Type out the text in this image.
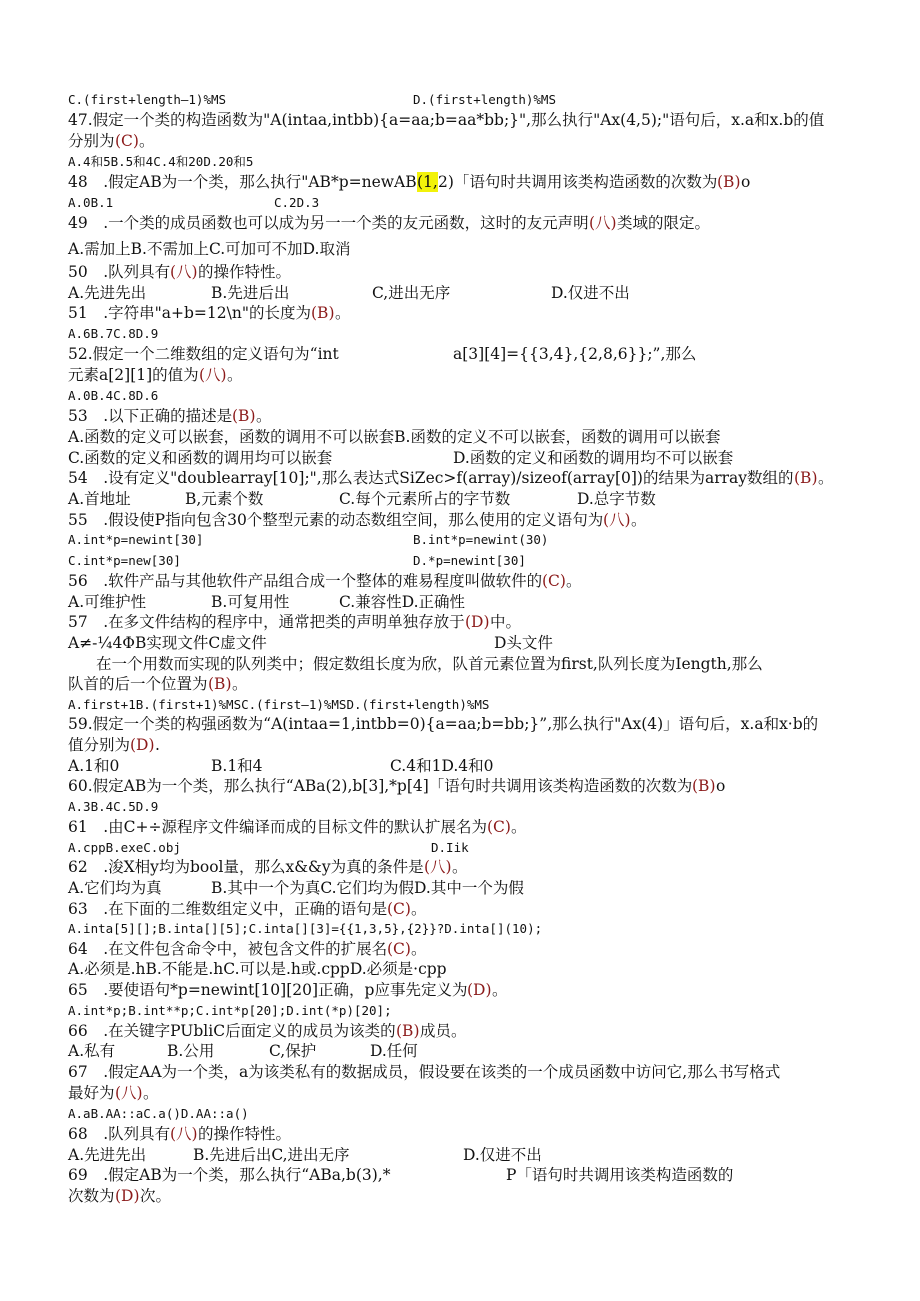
C.(first+length—1)%MS	D.(first+length)%MS
47.假定一个类的构造函数为"A(intaa,intbb){a=aa;b=aa*bb;}",那么执行"Ax(4,5);"语句后，x.a和x.b的值
分别为 (C) 。
A.4和5B.5和4C.4和20D.20和5
48　.假定AB为一个类，那么执行"AB*p=newAB (1, 2)「语句时共调用该类构造函数的次数为 (B) o
A.0B.1	C.2D.3
49　.一个类的成员函数也可以成为另一一个类的友元函数，这时的友元声明 (八) 类域的限定。
A.需加上B.不需加上C.可加可不加D.取消
50　.队列具有 (八) 的操作特性。
A.先进先出	B.先进后出	C,进出无序	D.仅进不出
51　.字符串"a+b=12\n"的长度为 (B) 。
A.6B.7C.8D.9
52.假定一个二维数组的定义语句为“int	a[3][4]={{3,4},{2,8,6}};”,那么
元素a[2][1]的值为 (八) 。
A.0B.4C.8D.6
53　.以下正确的描述是 (B) 。
A.函数的定义可以嵌套，函数的调用不可以嵌套B.函数的定义不可以嵌套，函数的调用可以嵌套
C.函数的定义和函数的调用均可以嵌套	D.函数的定义和函数的调用均不可以嵌套
54　.设有定义"doublearray[10];",那么表达式SiZec>f(array)/sizeof(array[0])的结果为array数组的 (B) 。
A.首地址	B,元素个数	C.每个元素所占的字节数	D.总字节数
55　.假设使P指向包含30个整型元素的动态数组空间，那么使用的定义语句为 (八) 。
A.int*p=newint[30]	B.int*p=newint(30)
C.int*p=new[30]	D.*p=newint[30]
56　.软件产品与其他软件产品组合成一个整体的难易程度叫做软件的 (C) 。
A.可维护性	B.可复用性	C.兼容性D.正确性
57　.在多文件结构的程序中，通常把类的声明单独存放于 (D) 中。
A≠-¼4ΦB实现文件C虚文件	D头文件
在一个用数而实现的队列类中；假定数组长度为欣，队首元素位置为first,队列长度为Iength,那么
队首的后一个位置为 (B) 。
A.first+1B.(first+1)%MSC.(first—1)%MSD.(first+length)%MS
59.假定一个类的构强函数为“A(intaa=1,intbb=0){a=aa;b=bb;}”,那么执行"Ax(4)」语句后，x.a和x·b的
值分别为 (D) .
A.1和0	B.1和4	C.4和1D.4和0
60.假定AB为一个类，那么执行“ABa(2),b[3],*p[4]「语句时共调用该类构造函数的次数为 (B) o
A.3B.4C.5D.9
61　.由C+÷源程序文件编译而成的目标文件的默认扩展名为 (C) 。
A.cppB.exeC.obj	D.Iik
62　.浚X相y均为bool量，那么x&&y为真的条件是 (八) 。
A.它们均为真	B.其中一个为真C.它们均为假D.其中一个为假
63　.在下面的二维数组定义中，正确的语句是 (C) 。
A.inta[5][];B.inta[][5];C.inta[][3]={{1,3,5},{2}}?D.inta[](10);
64　.在文件包含命令中，被包含文件的扩展名 (C) 。
A.必须是.hB.不能是.hC.可以是.h或.cppD.必须是·cpp
65　.要使语句*p=newint[10][20]正确，p应事先定义为 (D) 。
A.int*p;B.int**p;C.int*p[20];D.int(*p)[20];
66　.在关键字PUbliC后面定义的成员为该类的 (B) 成员。
A.私有	B.公用	C,保护	D.任何
67　.假定AA为一个类，a为该类私有的数据成员，假设要在该类的一个成员函数中访问它,那么书写格式
最好为 (八) 。
A.aB.AA::aC.a()D.AA::a()
68　.队列具有 (八) 的操作特性。
A.先进先出	B.先进后出C,进出无序	D.仅进不出
69　.假定AB为一个类，那么执行“ABa,b(3),*	P「语句时共调用该类构造函数的
次数为 (D) 次。
